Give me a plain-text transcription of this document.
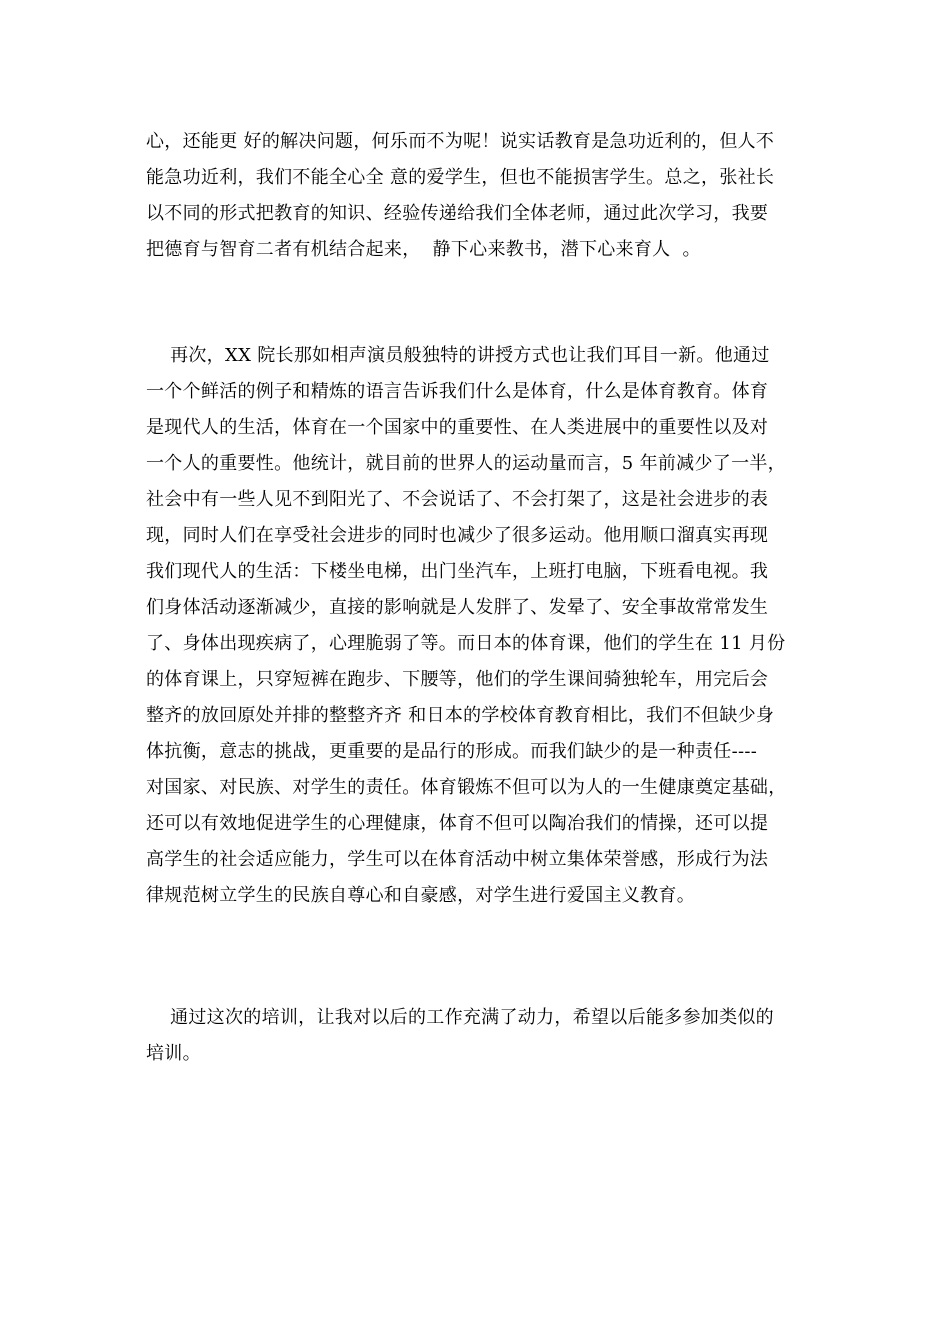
心，还能更 好的解决问题，何乐而不为呢！说实话教育是急功近利的，但人不
能急功近利，我们不能全心全 意的爱学生，但也不能损害学生。总之，张社长
以不同的形式把教育的知识、经验传递给我们全体老师，通过此次学习，我要
把德育与智育二者有机结合起来，  静下心来教书，潜下心来育人  。
再次，XX 院长那如相声演员般独特的讲授方式也让我们耳目一新。他通过
一个个鲜活的例子和精炼的语言告诉我们什么是体育，什么是体育教育。体育
是现代人的生活，体育在一个国家中的重要性、在人类进展中的重要性以及对
一个人的重要性。他统计，就目前的世界人的运动量而言，5 年前减少了一半，
社会中有一些人见不到阳光了、不会说话了、不会打架了，这是社会进步的表
现，同时人们在享受社会进步的同时也减少了很多运动。他用顺口溜真实再现
我们现代人的生活：下楼坐电梯，出门坐汽车，上班打电脑，下班看电视。我
们身体活动逐渐减少，直接的影响就是人发胖了、发晕了、安全事故常常发生
了、身体出现疾病了，心理脆弱了等。而日本的体育课，他们的学生在 11 月份
的体育课上，只穿短裤在跑步、下腰等，他们的学生课间骑独轮车，用完后会
整齐的放回原处并排的整整齐齐 和日本的学校体育教育相比，我们不但缺少身
体抗衡，意志的挑战，更重要的是品行的形成。而我们缺少的是一种责任----
对国家、对民族、对学生的责任。体育锻炼不但可以为人的一生健康奠定基础，
还可以有效地促进学生的心理健康，体育不但可以陶冶我们的情操，还可以提
高学生的社会适应能力，学生可以在体育活动中树立集体荣誉感，形成行为法
律规范树立学生的民族自尊心和自豪感，对学生进行爱国主义教育。
通过这次的培训，让我对以后的工作充满了动力，希望以后能多参加类似的
培训。
